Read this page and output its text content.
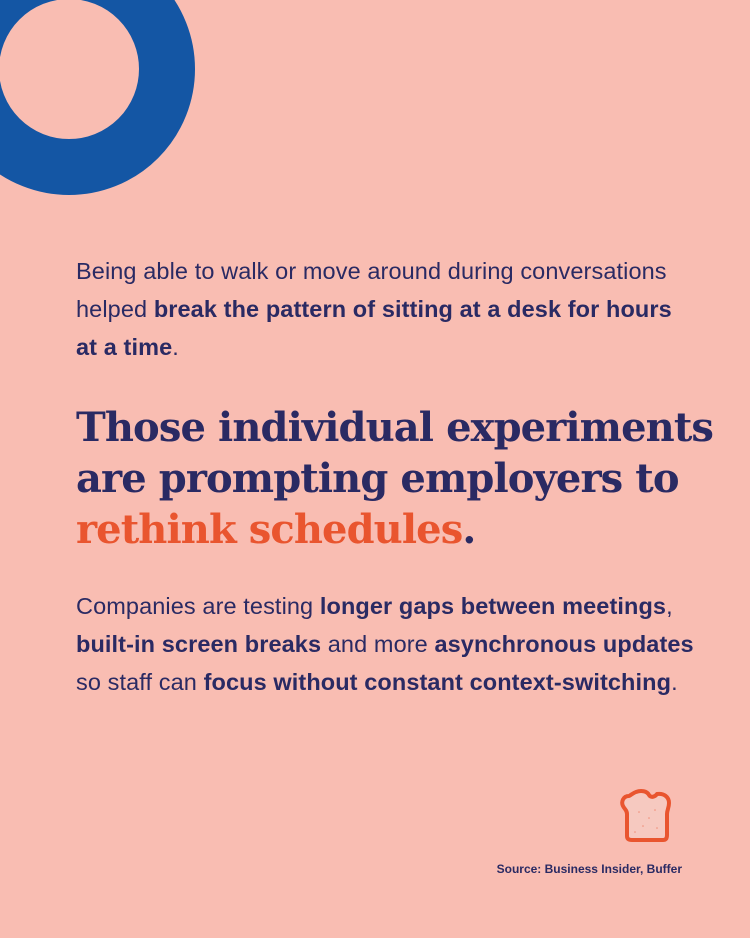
Being able to walk or move around during conversations helped break the pattern of sitting at a desk for hours at a time.
Those individual experiments are prompting employers to rethink schedules.
Companies are testing longer gaps between meetings, built-in screen breaks and more asynchronous updates so staff can focus without constant context-switching.
Source: Business Insider, Buffer
